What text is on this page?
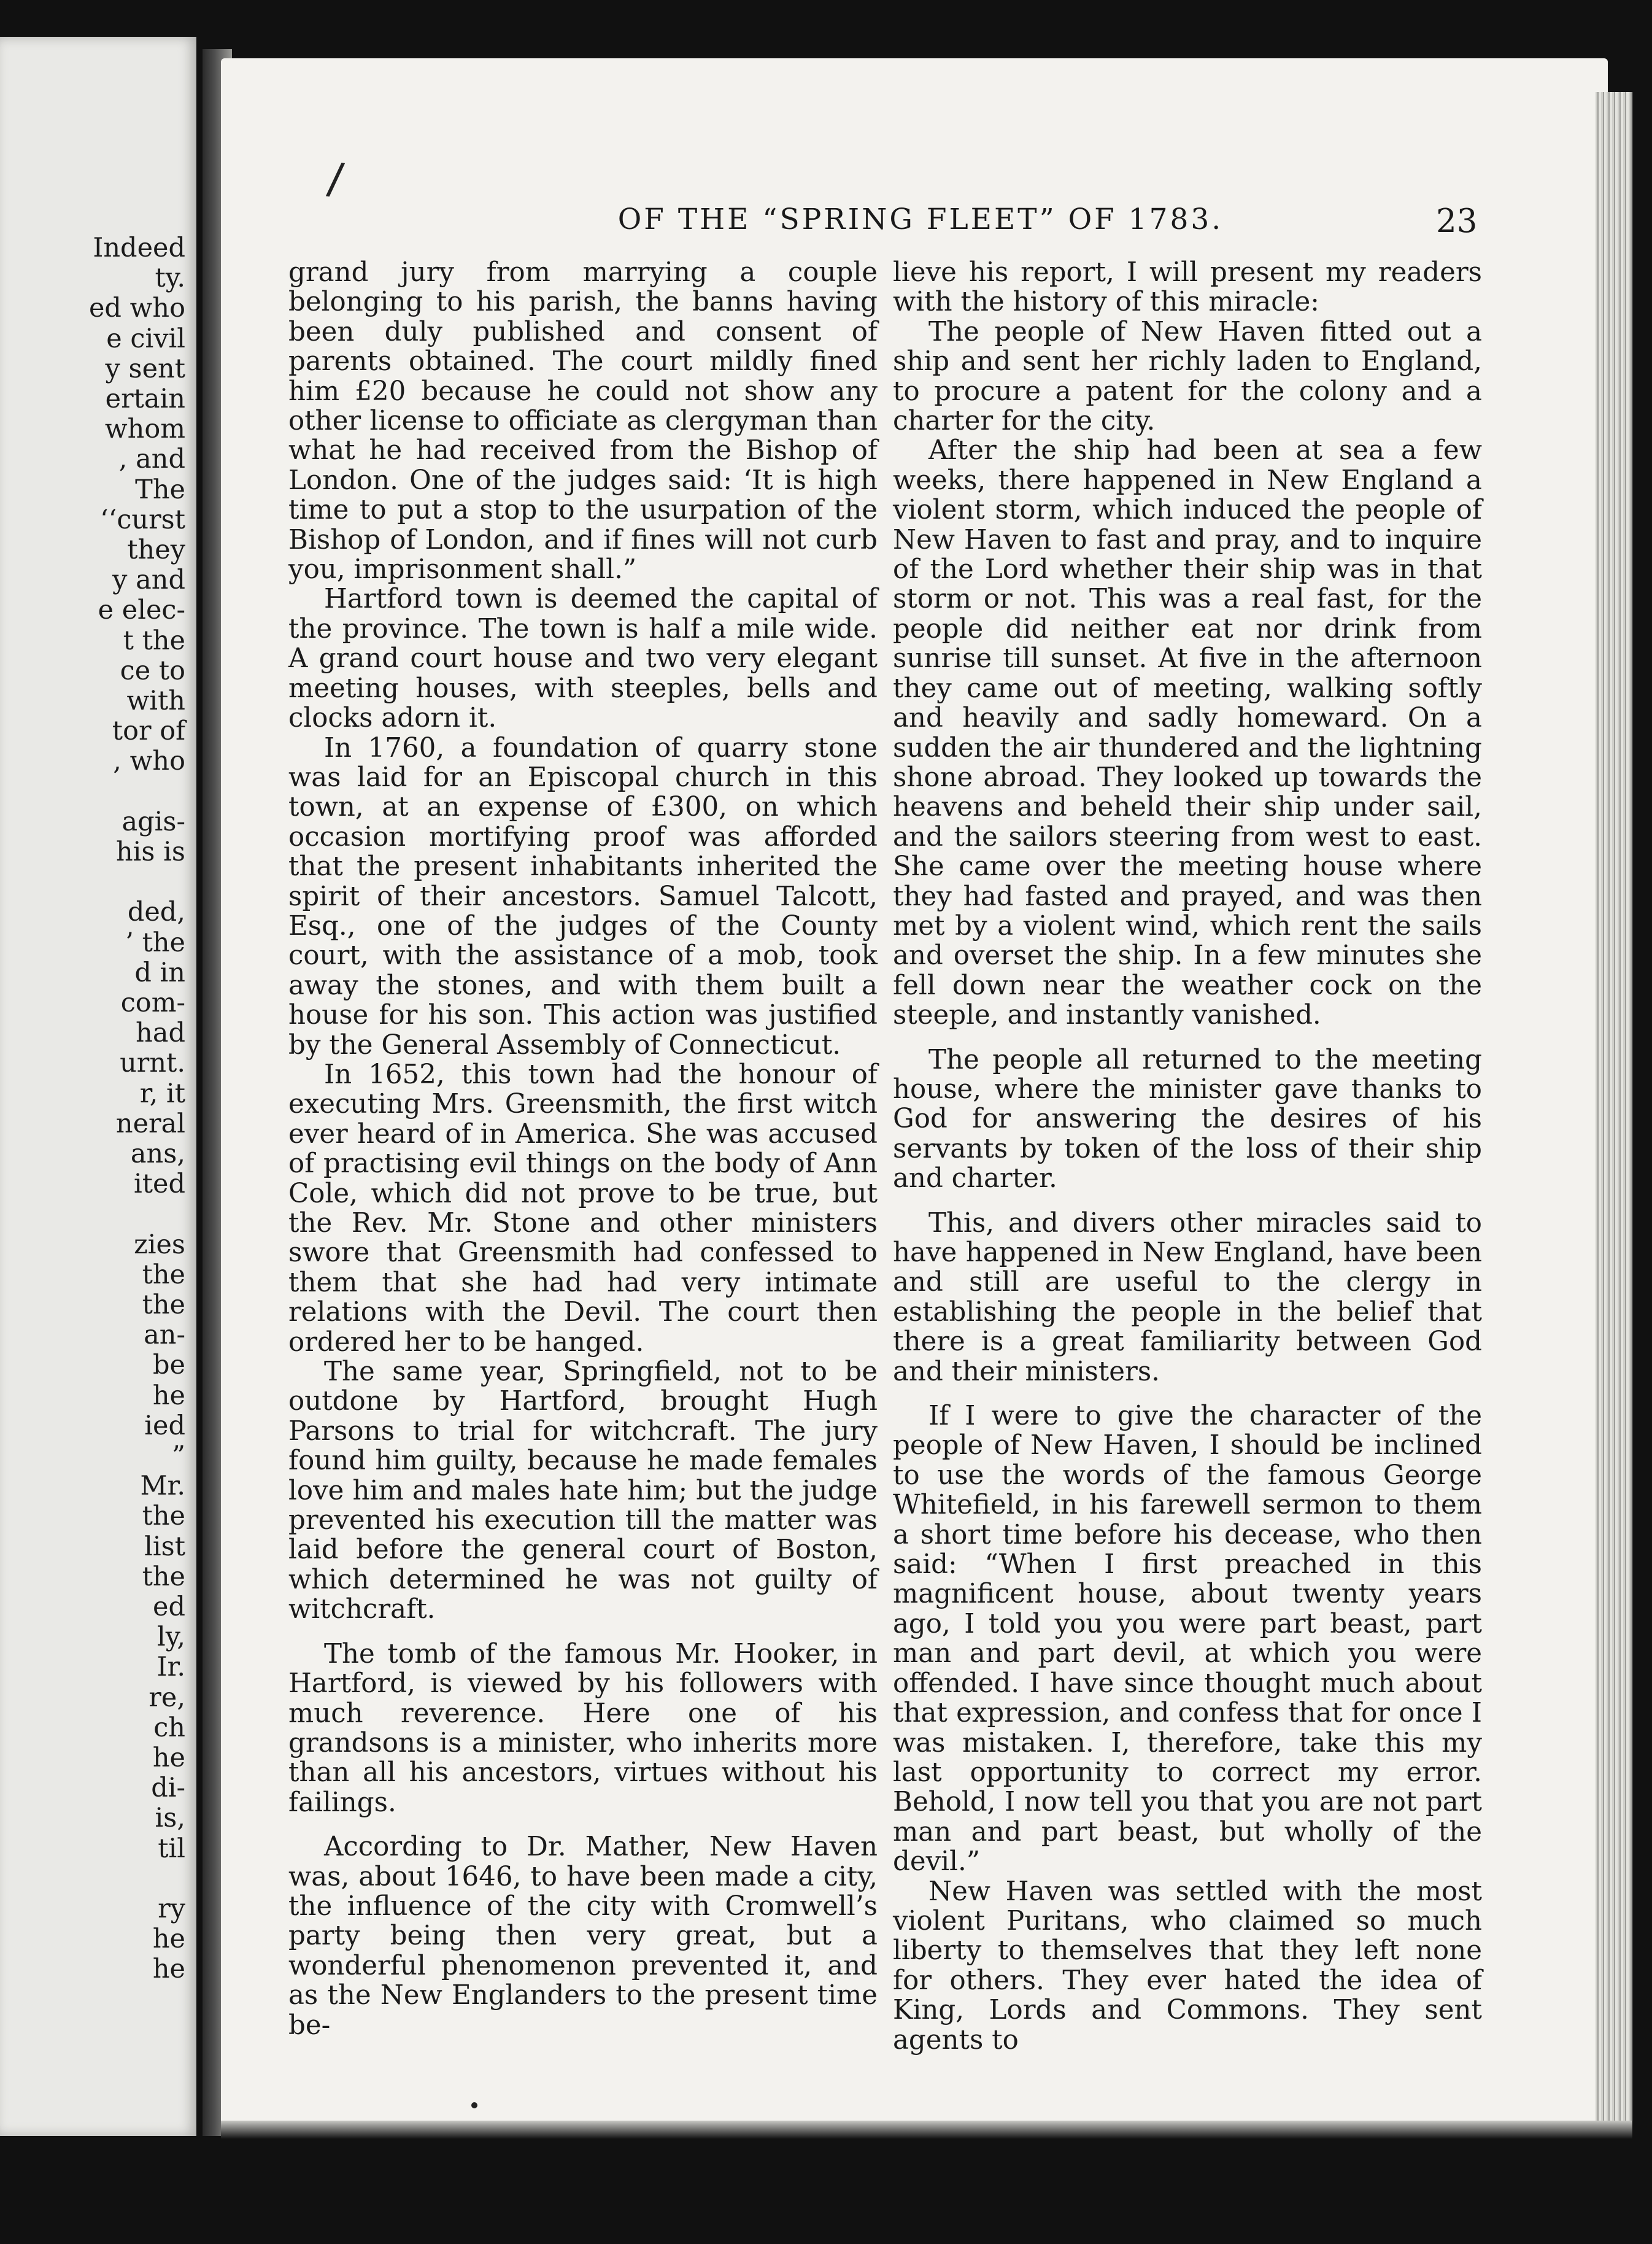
Indeed
ty.
ed who
e civil
y sent
ertain
whom
, and
The
‘‘curst
they
y and
e elec-
t the
ce to
with
tor of
, who
agis-
his is
ded,
’ the
d in
com-
had
urnt.
r, it
neral
ans,
ited
zies
the
the
an-
be
he
ied
”
Mr.
the
list
the
ed
ly,
Ir.
re,
ch
he
di-
is,
til
ry
he
he
/
OF THE “SPRING FLEET” OF 1783.	23

grand jury from marrying a couple belonging to his parish, the banns having been duly published and consent of parents obtained. The court mildly fined him £20 because he could not show any other license to officiate as clergyman than what he had received from the Bishop of London. One of the judges said: ‘It is high time to put a stop to the usurpation of the Bishop of London, and if fines will not curb you, imprisonment shall.”

Hartford town is deemed the capital of the province. The town is half a mile wide. A grand court house and two very elegant meeting houses, with steeples, bells and clocks adorn it.

In 1760, a foundation of quarry stone was laid for an Episcopal church in this town, at an expense of £300, on which occasion mortifying proof was afforded that the present inhabitants inherited the spirit of their ancestors. Samuel Talcott, Esq., one of the judges of the County court, with the assistance of a mob, took away the stones, and with them built a house for his son. This action was justified by the General Assembly of Connecticut.

In 1652, this town had the honour of executing Mrs. Greensmith, the first witch ever heard of in America. She was accused of practising evil things on the body of Ann Cole, which did not prove to be true, but the Rev. Mr. Stone and other ministers swore that Greensmith had confessed to them that she had had very intimate relations with the Devil. The court then ordered her to be hanged.

The same year, Springfield, not to be outdone by Hartford, brought Hugh Parsons to trial for witchcraft. The jury found him guilty, because he made females love him and males hate him; but the judge prevented his execution till the matter was laid before the general court of Boston, which determined he was not guilty of witchcraft.

The tomb of the famous Mr. Hooker, in Hartford, is viewed by his followers with much reverence. Here one of his grandsons is a minister, who inherits more than all his ancestors, virtues without his failings.

According to Dr. Mather, New Haven was, about 1646, to have been made a city, the influence of the city with Cromwell’s party being then very great, but a wonderful phenomenon prevented it, and as the New Englanders to the present time be-

lieve his report, I will present my readers with the history of this miracle:

The people of New Haven fitted out a ship and sent her richly laden to England, to procure a patent for the colony and a charter for the city.

After the ship had been at sea a few weeks, there happened in New England a violent storm, which induced the people of New Haven to fast and pray, and to inquire of the Lord whether their ship was in that storm or not. This was a real fast, for the people did neither eat nor drink from sunrise till sunset. At five in the afternoon they came out of meeting, walking softly and heavily and sadly homeward. On a sudden the air thundered and the lightning shone abroad. They looked up towards the heavens and beheld their ship under sail, and the sailors steering from west to east. She came over the meeting house where they had fasted and prayed, and was then met by a violent wind, which rent the sails and overset the ship. In a few minutes she fell down near the weather cock on the steeple, and instantly vanished.

The people all returned to the meeting house, where the minister gave thanks to God for answering the desires of his servants by token of the loss of their ship and charter.

This, and divers other miracles said to have happened in New England, have been and still are useful to the clergy in establishing the people in the belief that there is a great familiarity between God and their ministers.

If I were to give the character of the people of New Haven, I should be inclined to use the words of the famous George Whitefield, in his farewell sermon to them a short time before his decease, who then said: “When I first preached in this magnificent house, about twenty years ago, I told you you were part beast, part man and part devil, at which you were offended. I have since thought much about that expression, and confess that for once I was mistaken. I, therefore, take this my last opportunity to correct my error. Behold, I now tell you that you are not part man and part beast, but wholly of the devil.”

New Haven was settled with the most violent Puritans, who claimed so much liberty to themselves that they left none for others. They ever hated the idea of King, Lords and Commons. They sent agents to
